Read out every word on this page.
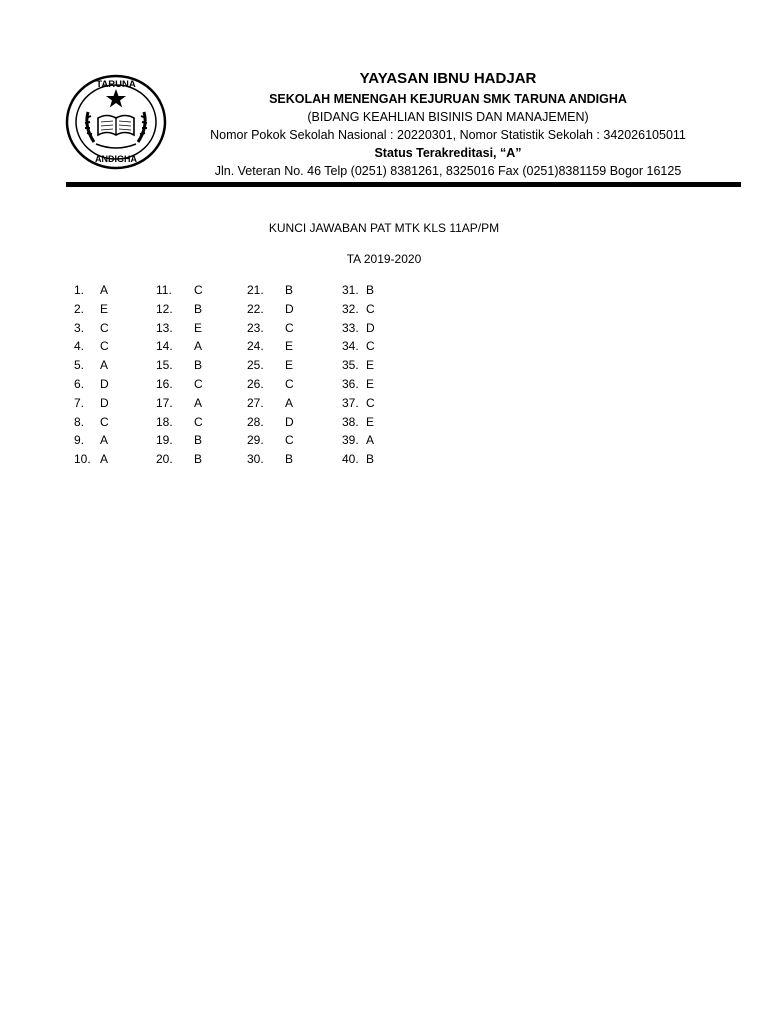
TARUNA
ANDIGHA
YAYASAN IBNU HADJAR
SEKOLAH MENENGAH KEJURUAN SMK TARUNA ANDIGHA
(BIDANG KEAHLIAN BISINIS DAN MANAJEMEN)
Nomor Pokok Sekolah Nasional : 20220301, Nomor Statistik Sekolah : 342026105011
Status Terakreditasi, “A”
Jln. Veteran No. 46 Telp (0251) 8381261, 8325016 Fax (0251)8381159 Bogor 16125
KUNCI JAWABAN PAT MTK KLS 11AP/PM
TA 2019-2020
1. A
2. E
3. C
4. C
5. A
6. D
7. D
8. C
9. A
10. A
11. C
12. B
13. E
14. A
15. B
16. C
17. A
18. C
19. B
20. B
21. B
22. D
23. C
24. E
25. E
26. C
27. A
28. D
29. C
30. B
31. B
32. C
33. D
34. C
35. E
36. E
37. C
38. E
39. A
40. B
